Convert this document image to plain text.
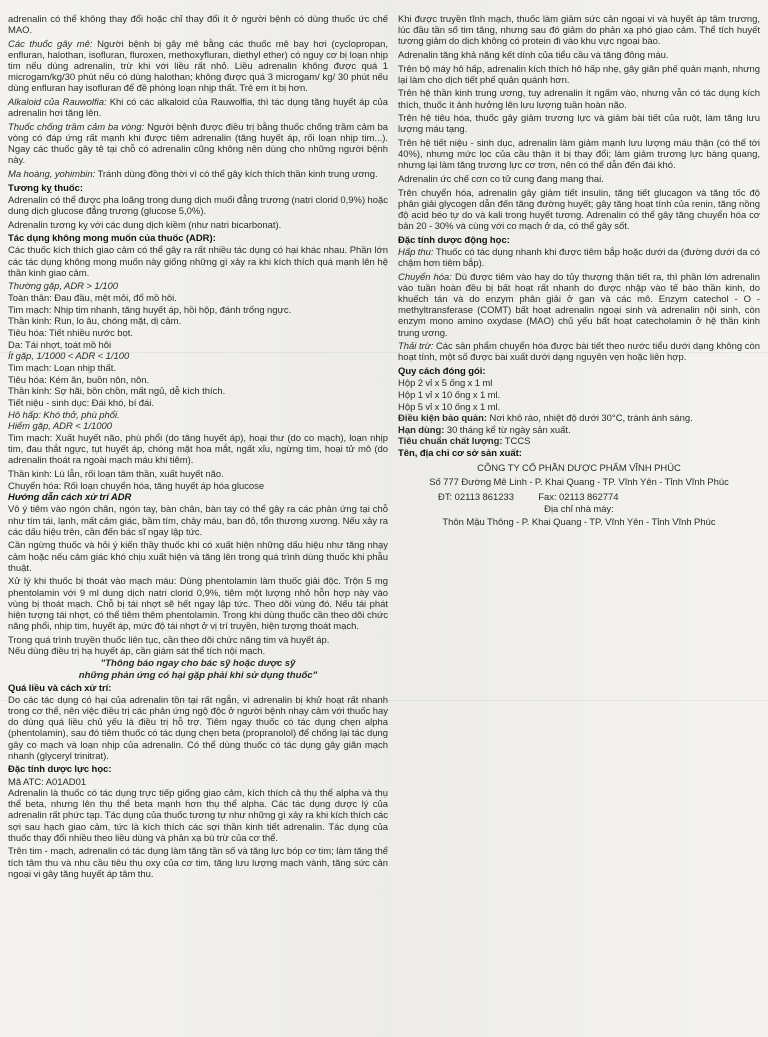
adrenalin có thể không thay đổi hoặc chỉ thay đổi ít ở người bệnh có dùng thuốc ức chế MAO.

Các thuốc gây mê: Người bệnh bị gây mê bằng các thuốc mê bay hơi (cyclopropan, enfluran, halothan, isofluran, fluroxen, methoxyfluran, diethyl ether) có nguy cơ bị loạn nhịp tim nếu dùng adrenalin, trừ khi với liều rất nhỏ. Liều adrenalin không được quá 1 microgam/kg/30 phút nếu có dùng halothan; không được quá 3 microgam/ kg/ 30 phút nếu dùng enfluran hay isofluran để đề phòng loạn nhịp thất. Trẻ em ít bị hơn.

Alkaloid của Rauwolfia: Khi có các alkaloid của Rauwolfia, thì tác dụng tăng huyết áp của adrenalin hơi tăng lên.

Thuốc chống trầm cảm ba vòng: Người bệnh được điều trị bằng thuốc chống trầm cảm ba vòng có đáp ứng rất mạnh khi được tiêm adrenalin (tăng huyết áp, rối loạn nhịp tim...). Ngay các thuốc gây tê tại chỗ có adrenalin cũng không nên dùng cho những người bệnh này.

Ma hoàng, yohimbin: Tránh dùng đồng thời vì có thể gây kích thích thần kinh trung ương.

Tương kỵ thuốc:

Adrenalin có thể được pha loãng trong dung dịch muối đẳng trương (natri clorid 0,9%) hoặc dung dịch glucose đẳng trương (glucose 5,0%).

Adrenalin tương kỵ với các dung dịch kiềm (như natri bicarbonat).

Tác dụng không mong muốn của thuốc (ADR):

Các thuốc kích thích giao cảm có thể gây ra rất nhiều tác dụng có hại khác nhau. Phần lớn các tác dụng không mong muốn này giống những gì xảy ra khi kích thích quá mạnh lên hệ thần kinh giao cảm.

Thường gặp, ADR > 1/100
Toàn thân: Đau đầu, mệt mỏi, đổ mồ hôi.
Tim mạch: Nhịp tim nhanh, tăng huyết áp, hồi hộp, đánh trống ngực.
Thần kinh: Run, lo âu, chóng mặt, dị cảm.
Tiêu hóa: Tiết nhiều nước bọt.
Da: Tái nhợt, toát mồ hôi
Ít gặp, 1/1000 < ADR < 1/100
Tim mạch: Loạn nhịp thất.
Tiêu hóa: Kém ăn, buồn nôn, nôn.
Thần kinh: Sợ hãi, bồn chồn, mất ngủ, dễ kích thích.
Tiết niệu - sinh dục: Đái khó, bí đái.
Hô hấp: Khó thở, phù phổi.
Hiếm gặp, ADR < 1/1000

Tim mạch: Xuất huyết não, phù phổi (do tăng huyết áp), hoại thư (do co mạch), loạn nhịp tim, đau thắt ngực, tụt huyết áp, chóng mặt hoa mắt, ngất xỉu, ngừng tim, hoại tử mô (do adrenalin thoát ra ngoài mạch máu khi tiêm).

Thần kinh: Lú lẫn, rối loạn tâm thần, xuất huyết não.
Chuyển hóa: Rối loạn chuyển hóa, tăng huyết áp hóa glucose
Hướng dẫn cách xử trí ADR

Vô ý tiêm vào ngón chân, ngón tay, bàn chân, bàn tay có thể gây ra các phản ứng tại chỗ như tím tái, lạnh, mất cảm giác, bầm tím, chảy máu, ban đỏ, tổn thương xương. Nếu xảy ra các dấu hiệu trên, cần đến bác sĩ ngay lập tức.

Cần ngừng thuốc và hỏi ý kiến thầy thuốc khi có xuất hiện những dấu hiệu như tăng nhạy cảm hoặc nếu cảm giác khó chịu xuất hiện và tăng lên trong quá trình dùng thuốc khi phẫu thuật.

Xử lý khi thuốc bị thoát vào mạch máu: Dùng phentolamin làm thuốc giải độc. Trộn 5 mg phentolamin với 9 ml dung dịch natri clorid 0,9%, tiêm một lượng nhỏ hỗn hợp này vào vùng bị thoát mạch. Chỗ bị tái nhợt sẽ hết ngay lập tức. Theo dõi vùng đó. Nếu tái phát hiện tượng tái nhợt, có thể tiêm thêm phentolamin. Trong khi dùng thuốc cần theo dõi chức năng phổi, nhịp tim, huyết áp, mức độ tái nhợt ở vị trí truyền, hiện tượng thoát mạch.

Trong quá trình truyền thuốc liên tục, cần theo dõi chức năng tim và huyết áp.
Nếu dùng điều trị hạ huyết áp, cần giám sát thể tích nội mạch.
"Thông báo ngay cho bác sỹ hoặc dược sỹ
những phản ứng có hại gặp phải khi sử dụng thuốc"
Quá liều và cách xử trí:

Do các tác dụng có hại của adrenalin tồn tại rất ngắn, vì adrenalin bị khử hoạt rất nhanh trong cơ thể, nên việc điều trị các phản ứng ngộ độc ở người bệnh nhạy cảm với thuốc hay do dùng quá liều chủ yếu là điều trị hỗ trợ. Tiêm ngay thuốc có tác dụng chẹn alpha (phentolamin), sau đó tiêm thuốc có tác dụng chẹn beta (propranolol) để chống lại tác dụng gây co mạch và loạn nhịp của adrenalin. Có thể dùng thuốc có tác dụng gây giãn mạch nhanh (glyceryl trinitrat).

Đặc tính dược lực học:
Mã ATC: A01AD01

Adrenalin là thuốc có tác dụng trực tiếp giống giao cảm, kích thích cả thụ thể alpha và thụ thể beta, nhưng lên thụ thể beta mạnh hơn thụ thể alpha. Các tác dụng dược lý của adrenalin rất phức tạp. Tác dụng của thuốc tương tự như những gì xảy ra khi kích thích các sợi sau hạch giao cảm, tức là kích thích các sợi thần kinh tiết adrenalin. Tác dụng của thuốc thay đổi nhiều theo liều dùng và phản xạ bù trừ của cơ thể.

Trên tim - mạch, adrenalin có tác dụng làm tăng tần số và tăng lực bóp cơ tim; làm tăng thể tích tâm thu và nhu cầu tiêu thụ oxy của cơ tim, tăng lưu lượng mạch vành, tăng sức cản ngoại vi gây tăng huyết áp tâm thu.

Khi được truyền tĩnh mạch, thuốc làm giảm sức cản ngoại vi và huyết áp tâm trương, lúc đầu tần số tim tăng, nhưng sau đó giảm do phản xạ phó giao cảm. Thể tích huyết tương giảm do dịch không có protein đi vào khu vực ngoại bào.

Adrenalin tăng khả năng kết dính của tiểu cầu và tăng đông máu.

Trên bộ máy hô hấp, adrenalin kích thích hô hấp nhẹ, gây giãn phế quản mạnh, nhưng lại làm cho dịch tiết phế quản quánh hơn.

Trên hệ thần kinh trung ương, tuy adrenalin ít ngấm vào, nhưng vẫn có tác dụng kích thích, thuốc ít ảnh hưởng lên lưu lượng tuần hoàn não.

Trên hệ tiêu hóa, thuốc gây giảm trương lực và giảm bài tiết của ruột, làm tăng lưu lượng máu tạng.

Trên hệ tiết niệu - sinh dục, adrenalin làm giảm mạnh lưu lượng máu thận (có thể tới 40%), nhưng mức lọc của cầu thận ít bị thay đổi; làm giảm trương lực bàng quang, nhưng lại làm tăng trương lực cơ trơn, nên có thể dẫn đến đái khó.

Adrenalin ức chế cơn co tử cung đang mang thai.

Trên chuyển hóa, adrenalin gây giảm tiết insulin, tăng tiết glucagon và tăng tốc độ phân giải glycogen dẫn đến tăng đường huyết; gây tăng hoạt tính của renin, tăng nồng độ acid béo tự do và kali trong huyết tương. Adrenalin có thể gây tăng chuyển hóa cơ bản 20 - 30% và cùng với co mạch ở da, có thể gây sốt.

Đặc tính dược động học:

Hấp thu: Thuốc có tác dụng nhanh khi được tiêm bắp hoặc dưới da (đường dưới da có chậm hơn tiêm bắp).

Chuyển hóa: Dù được tiêm vào hay do tủy thượng thận tiết ra, thì phần lớn adrenalin vào tuần hoàn đều bị bất hoạt rất nhanh do được nhập vào tế bào thần kinh, do khuếch tán và do enzym phân giải ở gan và các mô. Enzym catechol - O - methyltransferase (COMT) bất hoạt adrenalin ngoại sinh và adrenalin nội sinh, còn enzym mono amino oxydase (MAO) chủ yếu bất hoạt catecholamin ở hệ thần kinh trung ương.

Thải trừ: Các sản phẩm chuyển hóa được bài tiết theo nước tiểu dưới dạng không còn hoạt tính, một số được bài xuất dưới dạng nguyên vẹn hoặc liên hợp.

Quy cách đóng gói:
Hộp 2 vỉ x 5 ống x 1 ml
Hộp 1 vỉ x 10 ống x 1 ml.
Hộp 5 vỉ x 10 ống x 1 ml.
Điều kiện bảo quản: Nơi khô ráo, nhiệt độ dưới 30°C, tránh ánh sáng.
Hạn dùng: 30 tháng kể từ ngày sản xuất.
Tiêu chuẩn chất lượng: TCCS
Tên, địa chỉ cơ sở sản xuất:
CÔNG TY CỔ PHẦN DƯỢC PHẨM VĨNH PHÚC
Số 777 Đường Mê Linh - P. Khai Quang - TP. Vĩnh Yên - Tỉnh Vĩnh Phúc
ĐT: 02113 861233          Fax: 02113 862774
Địa chỉ nhà máy:
Thôn Mậu Thông - P. Khai Quang - TP. Vĩnh Yên - Tỉnh Vĩnh Phúc
